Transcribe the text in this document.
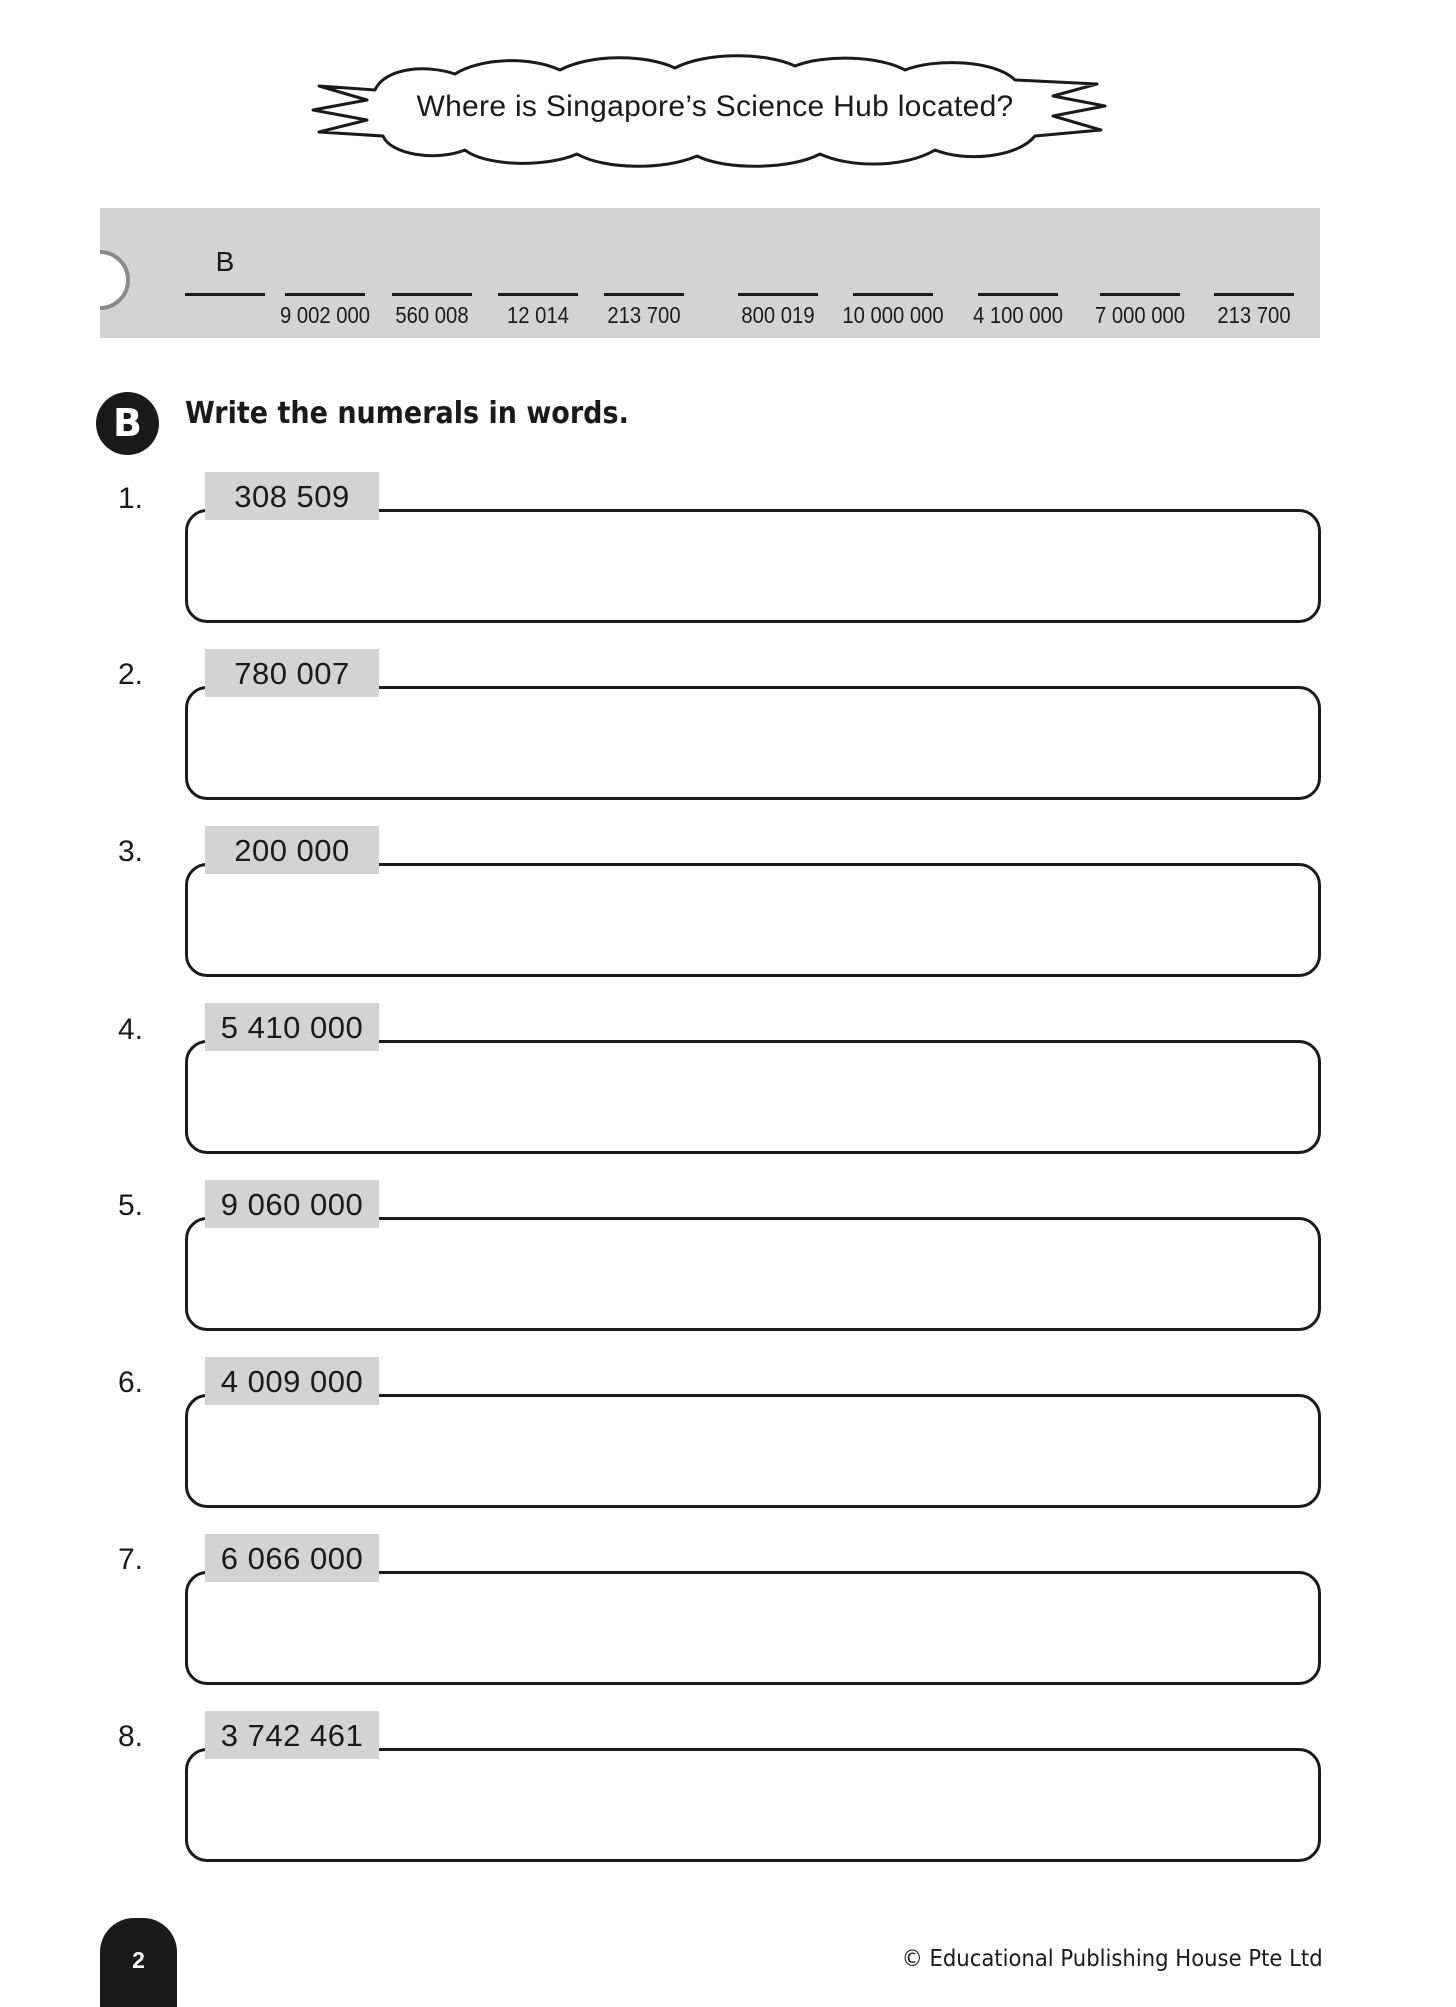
Where is Singapore’s Science Hub located?
B
9 002 000	560 008	12 014	213 700	800 019	10 000 000	4 100 000	7 000 000	213 700
B	Write the numerals in words.
1.	308 509
2.	780 007
3.	200 000
4.	5 410 000
5.	9 060 000
6.	4 009 000
7.	6 066 000
8.	3 742 461
2	© Educational Publishing House Pte Ltd
